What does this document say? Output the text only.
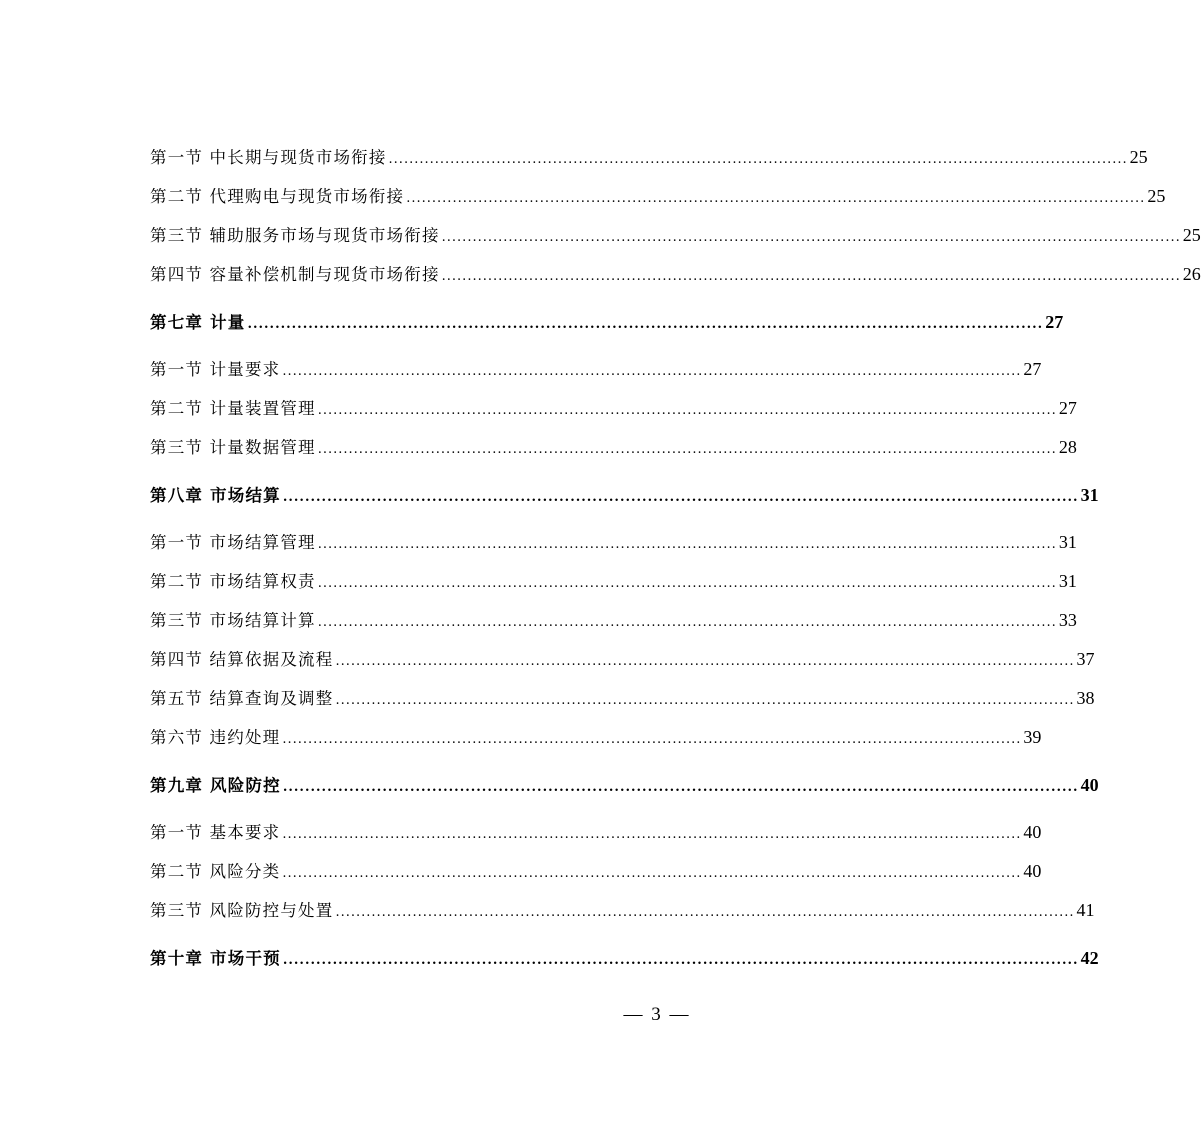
第一节 中长期与现货市场衔接 ................................................................................................................................................ 25
第二节 代理购电与现货市场衔接 ................................................................................................................................................ 25
第三节 辅助服务市场与现货市场衔接 ................................................................................................................................................ 25
第四节 容量补偿机制与现货市场衔接 ................................................................................................................................................ 26
第七章 计量 ................................................................................................................................................ 27
第一节 计量要求 ................................................................................................................................................ 27
第二节 计量装置管理 ................................................................................................................................................ 27
第三节 计量数据管理 ................................................................................................................................................ 28
第八章 市场结算 ................................................................................................................................................ 31
第一节 市场结算管理 ................................................................................................................................................ 31
第二节 市场结算权责 ................................................................................................................................................ 31
第三节 市场结算计算 ................................................................................................................................................ 33
第四节 结算依据及流程 ................................................................................................................................................ 37
第五节 结算查询及调整 ................................................................................................................................................ 38
第六节 违约处理 ................................................................................................................................................ 39
第九章 风险防控 ................................................................................................................................................ 40
第一节 基本要求 ................................................................................................................................................ 40
第二节 风险分类 ................................................................................................................................................ 40
第三节 风险防控与处置 ................................................................................................................................................ 41
第十章 市场干预 ................................................................................................................................................ 42
— 3 —
